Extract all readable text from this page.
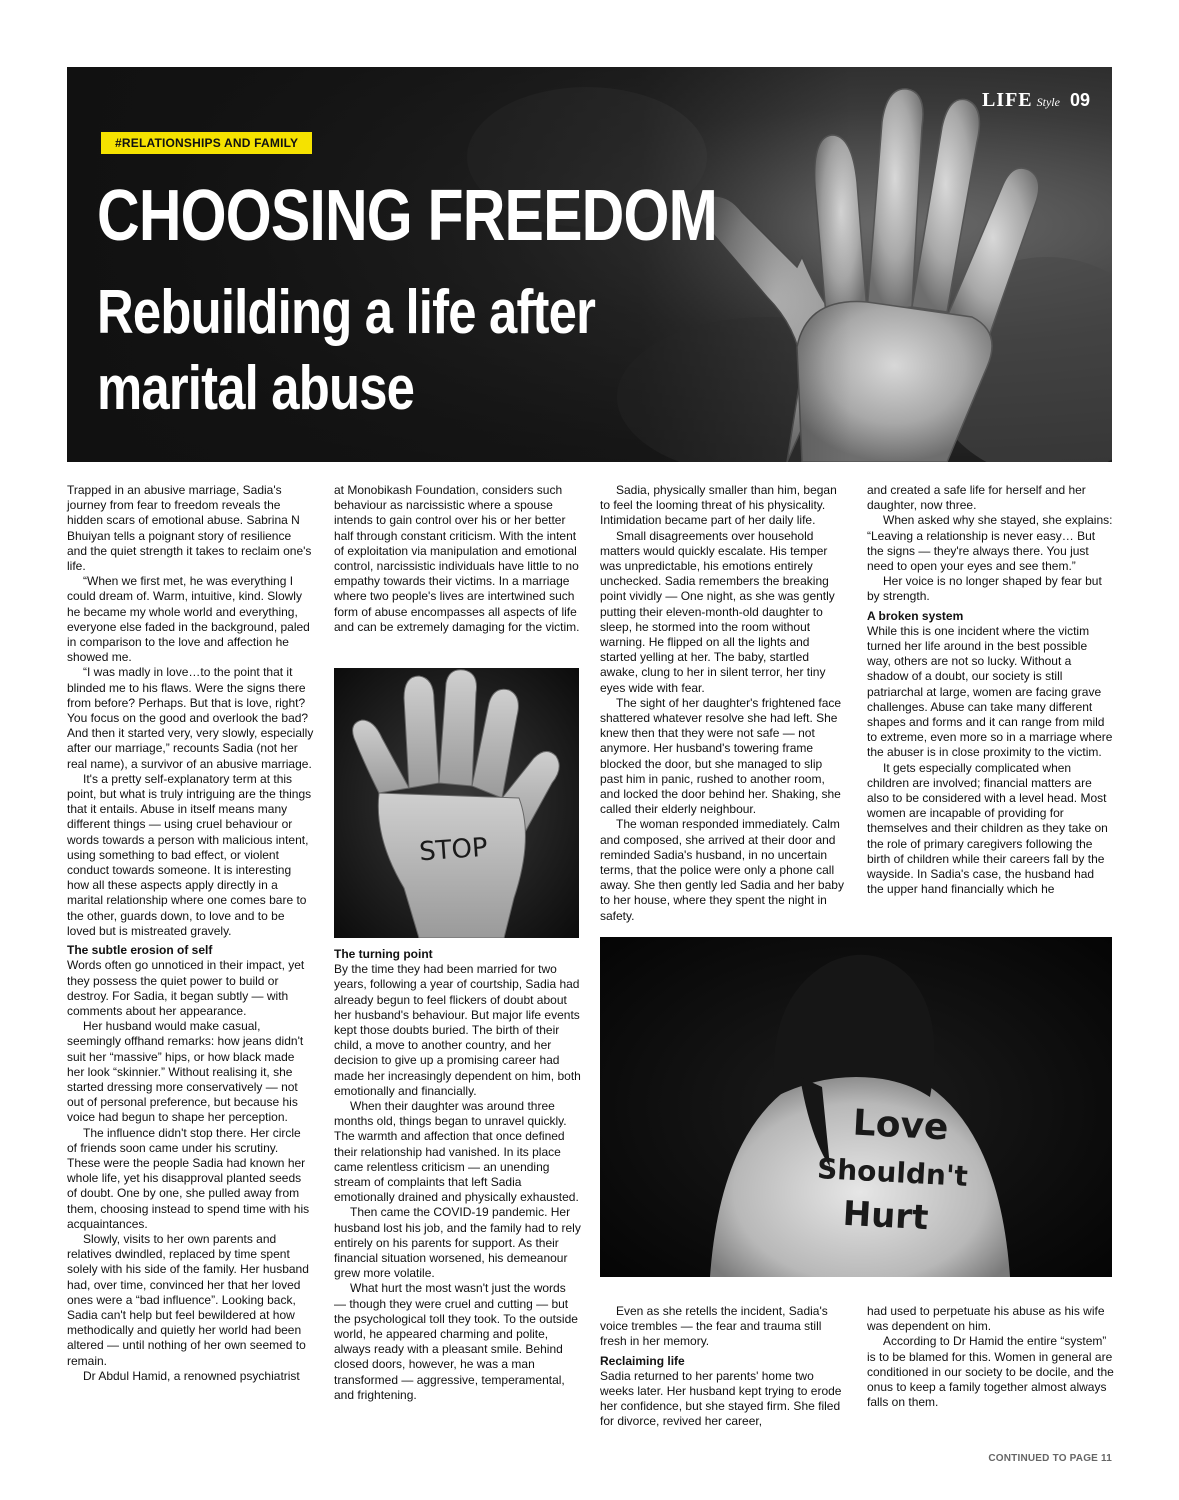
LIFE Style 09
#RELATIONSHIPS AND FAMILY
CHOOSING FREEDOM
Rebuilding a life after marital abuse

Trapped in an abusive marriage, Sadia's journey from fear to freedom reveals the hidden scars of emotional abuse. Sabrina N Bhuiyan tells a poignant story of resilience and the quiet strength it takes to reclaim one's life.

“When we first met, he was everything I could dream of. Warm, intuitive, kind. Slowly he became my whole world and everything, everyone else faded in the background, paled in comparison to the love and affection he showed me.

“I was madly in love…to the point that it blinded me to his flaws. Were the signs there from before? Perhaps. But that is love, right? You focus on the good and overlook the bad? And then it started very, very slowly, especially after our marriage,” recounts Sadia (not her real name), a survivor of an abusive marriage.

It's a pretty self-explanatory term at this point, but what is truly intriguing are the things that it entails. Abuse in itself means many different things — using cruel behaviour or words towards a person with malicious intent, using something to bad effect, or violent conduct towards someone. It is interesting how all these aspects apply directly in a marital relationship where one comes bare to the other, guards down, to love and to be loved but is mistreated gravely.

The subtle erosion of self

Words often go unnoticed in their impact, yet they possess the quiet power to build or destroy. For Sadia, it began subtly — with comments about her appearance.

Her husband would make casual, seemingly offhand remarks: how jeans didn't suit her “massive” hips, or how black made her look “skinnier.” Without realising it, she started dressing more conservatively — not out of personal preference, but because his voice had begun to shape her perception.

The influence didn't stop there. Her circle of friends soon came under his scrutiny. These were the people Sadia had known her whole life, yet his disapproval planted seeds of doubt. One by one, she pulled away from them, choosing instead to spend time with his acquaintances.

Slowly, visits to her own parents and relatives dwindled, replaced by time spent solely with his side of the family. Her husband had, over time, convinced her that her loved ones were a “bad influence”. Looking back, Sadia can't help but feel bewildered at how methodically and quietly her world had been altered — until nothing of her own seemed to remain.

Dr Abdul Hamid, a renowned psychiatrist

at Monobikash Foundation, considers such behaviour as narcissistic where a spouse intends to gain control over his or her better half through constant criticism. With the intent of exploitation via manipulation and emotional control, narcissistic individuals have little to no empathy towards their victims. In a marriage where two people's lives are intertwined such form of abuse encompasses all aspects of life and can be extremely damaging for the victim.

STOP
The turning point

By the time they had been married for two years, following a year of courtship, Sadia had already begun to feel flickers of doubt about her husband's behaviour. But major life events kept those doubts buried. The birth of their child, a move to another country, and her decision to give up a promising career had made her increasingly dependent on him, both emotionally and financially.

When their daughter was around three months old, things began to unravel quickly. The warmth and affection that once defined their relationship had vanished. In its place came relentless criticism — an unending stream of complaints that left Sadia emotionally drained and physically exhausted.

Then came the COVID-19 pandemic. Her husband lost his job, and the family had to rely entirely on his parents for support. As their financial situation worsened, his demeanour grew more volatile.

What hurt the most wasn't just the words — though they were cruel and cutting — but the psychological toll they took. To the outside world, he appeared charming and polite, always ready with a pleasant smile. Behind closed doors, however, he was a man transformed — aggressive, temperamental, and frightening.

Sadia, physically smaller than him, began to feel the looming threat of his physicality. Intimidation became part of her daily life.

Small disagreements over household matters would quickly escalate. His temper was unpredictable, his emotions entirely unchecked. Sadia remembers the breaking point vividly — One night, as she was gently putting their eleven-month-old daughter to sleep, he stormed into the room without warning. He flipped on all the lights and started yelling at her. The baby, startled awake, clung to her in silent terror, her tiny eyes wide with fear.

The sight of her daughter's frightened face shattered whatever resolve she had left. She knew then that they were not safe — not anymore. Her husband's towering frame blocked the door, but she managed to slip past him in panic, rushed to another room, and locked the door behind her. Shaking, she called their elderly neighbour.

The woman responded immediately. Calm and composed, she arrived at their door and reminded Sadia's husband, in no uncertain terms, that the police were only a phone call away. She then gently led Sadia and her baby to her house, where they spent the night in safety.

and created a safe life for herself and her daughter, now three.

When asked why she stayed, she explains: “Leaving a relationship is never easy… But the signs — they're always there. You just need to open your eyes and see them.”

Her voice is no longer shaped by fear but by strength.

A broken system

While this is one incident where the victim turned her life around in the best possible way, others are not so lucky. Without a shadow of a doubt, our society is still patriarchal at large, women are facing grave challenges. Abuse can take many different shapes and forms and it can range from mild to extreme, even more so in a marriage where the abuser is in close proximity to the victim.

It gets especially complicated when children are involved; financial matters are also to be considered with a level head. Most women are incapable of providing for themselves and their children as they take on the role of primary caregivers following the birth of children while their careers fall by the wayside. In Sadia's case, the husband had the upper hand financially which he

Love
Shouldn't
Hurt

Even as she retells the incident, Sadia's voice trembles — the fear and trauma still fresh in her memory.

Reclaiming life

Sadia returned to her parents' home two weeks later. Her husband kept trying to erode her confidence, but she stayed firm. She filed for divorce, revived her career,

had used to perpetuate his abuse as his wife was dependent on him.

According to Dr Hamid the entire “system” is to be blamed for this. Women in general are conditioned in our society to be docile, and the onus to keep a family together almost always falls on them.

CONTINUED TO PAGE 11
